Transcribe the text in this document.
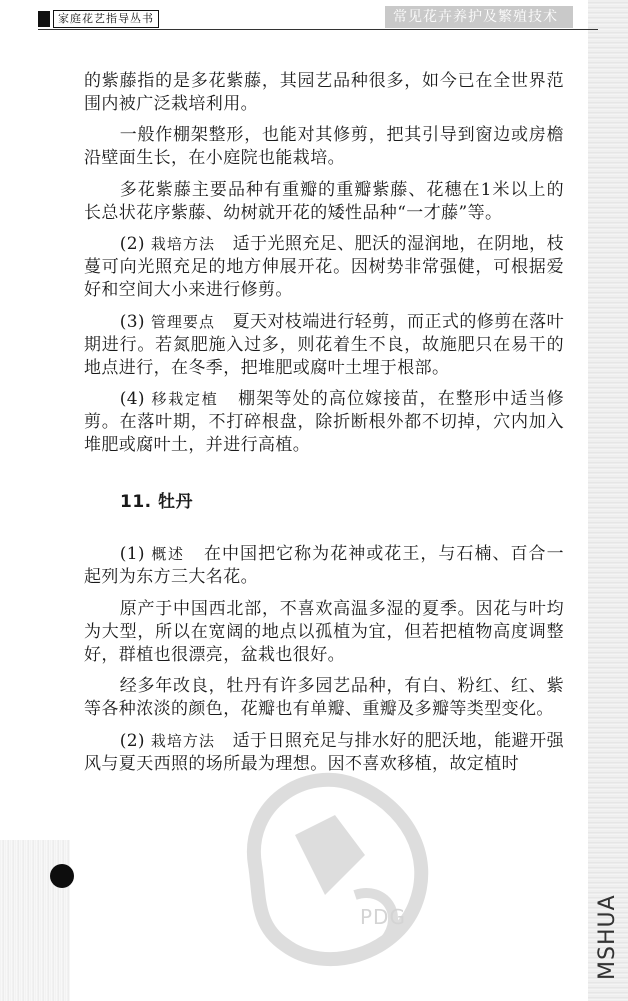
家庭花艺指导丛书	常见花卉养护及繁殖技术

的紫藤指的是多花紫藤，其园艺品种很多，如今已在全世界范围内被广泛栽培利用。

一般作棚架整形，也能对其修剪，把其引导到窗边或房檐沿壁面生长，在小庭院也能栽培。

多花紫藤主要品种有重瓣的重瓣紫藤、花穗在1米以上的长总状花序紫藤、幼树就开花的矮性品种“一才藤”等。

(2) 栽培方法 适于光照充足、肥沃的湿润地，在阴地，枝蔓可向光照充足的地方伸展开花。因树势非常强健，可根据爱好和空间大小来进行修剪。

(3) 管理要点 夏天对枝端进行轻剪，而正式的修剪在落叶期进行。若氮肥施入过多，则花着生不良，故施肥只在易干的地点进行，在冬季，把堆肥或腐叶土埋于根部。

(4) 移栽定植 棚架等处的高位嫁接苗，在整形中适当修剪。在落叶期，不打碎根盘，除折断根外都不切掉，穴内加入堆肥或腐叶土，并进行高植。

11. 牡丹

(1) 概述 在中国把它称为花神或花王，与石楠、百合一起列为东方三大名花。

原产于中国西北部，不喜欢高温多湿的夏季。因花与叶均为大型，所以在宽阔的地点以孤植为宜，但若把植物高度调整好，群植也很漂亮，盆栽也很好。

经多年改良，牡丹有许多园艺品种，有白、粉红、红、紫等各种浓淡的颜色，花瓣也有单瓣、重瓣及多瓣等类型变化。

(2) 栽培方法 适于日照充足与排水好的肥沃地，能避开强风与夏天西照的场所最为理想。因不喜欢移植，故定植时

PDG	MSHUA
